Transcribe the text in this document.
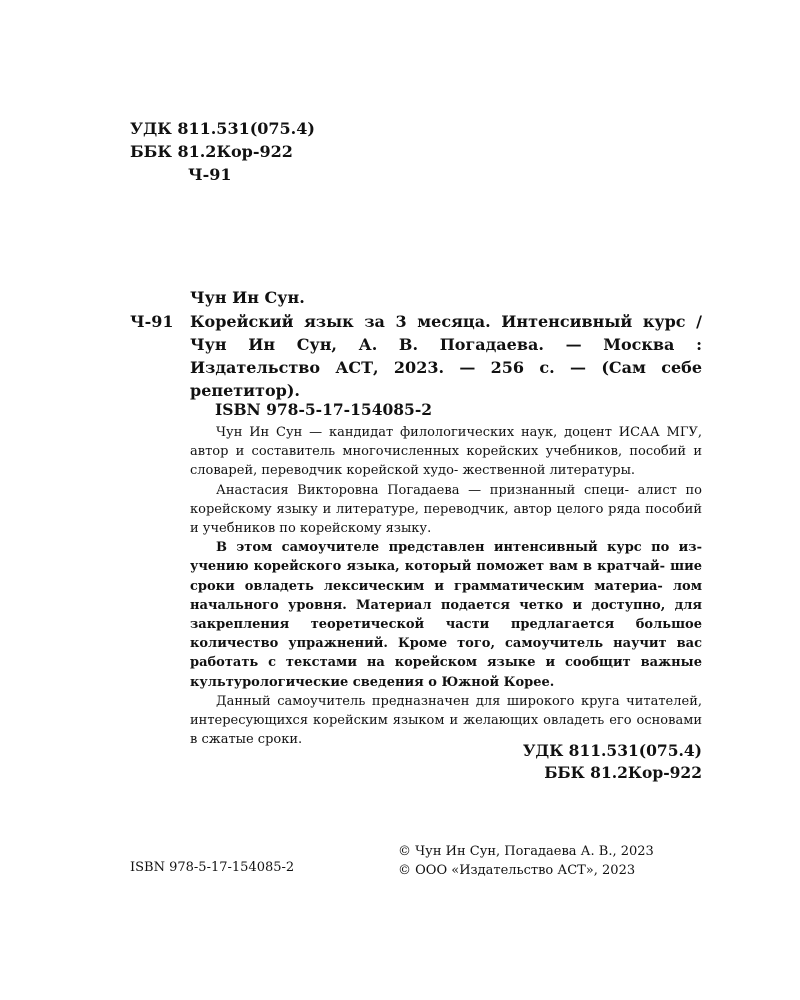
УДК 811.531(075.4)
ББК 81.2Кор-922
Ч-91
Чун Ин Сун.
Ч-91 Корейский язык за 3 месяца. Интенсивный курс / Чун Ин Сун, А. В. Погадаева. — Москва : Издательство АСТ, 2023. — 256 с. — (Сам себе репетитор).
ISBN 978-5-17-154085-2

Чун Ин Сун — кандидат филологических наук, доцент ИСАА МГУ, автор и составитель многочисленных корейских учебников, пособий и словарей, переводчик корейской худо- жественной литературы.

Анастасия Викторовна Погадаева — признанный специ- алист по корейскому языку и литературе, переводчик, автор целого ряда пособий и учебников по корейскому языку.

В этом самоучителе представлен интенсивный курс по из- учению корейского языка, который поможет вам в кратчай- шие сроки овладеть лексическим и грамматическим материа- лом начального уровня. Материал подается четко и доступно, для закрепления теоретической части предлагается большое количество упражнений. Кроме того, самоучитель научит вас работать с текстами на корейском языке и сообщит важные культурологические сведения о Южной Корее.

Данный самоучитель предназначен для широкого круга читателей, интересующихся корейским языком и желающих овладеть его основами в сжатые сроки.

УДК 811.531(075.4)
ББК 81.2Кор-922
© Чун Ин Сун, Погадаева А. В., 2023
© ООО «Издательство АСТ», 2023
ISBN 978-5-17-154085-2
